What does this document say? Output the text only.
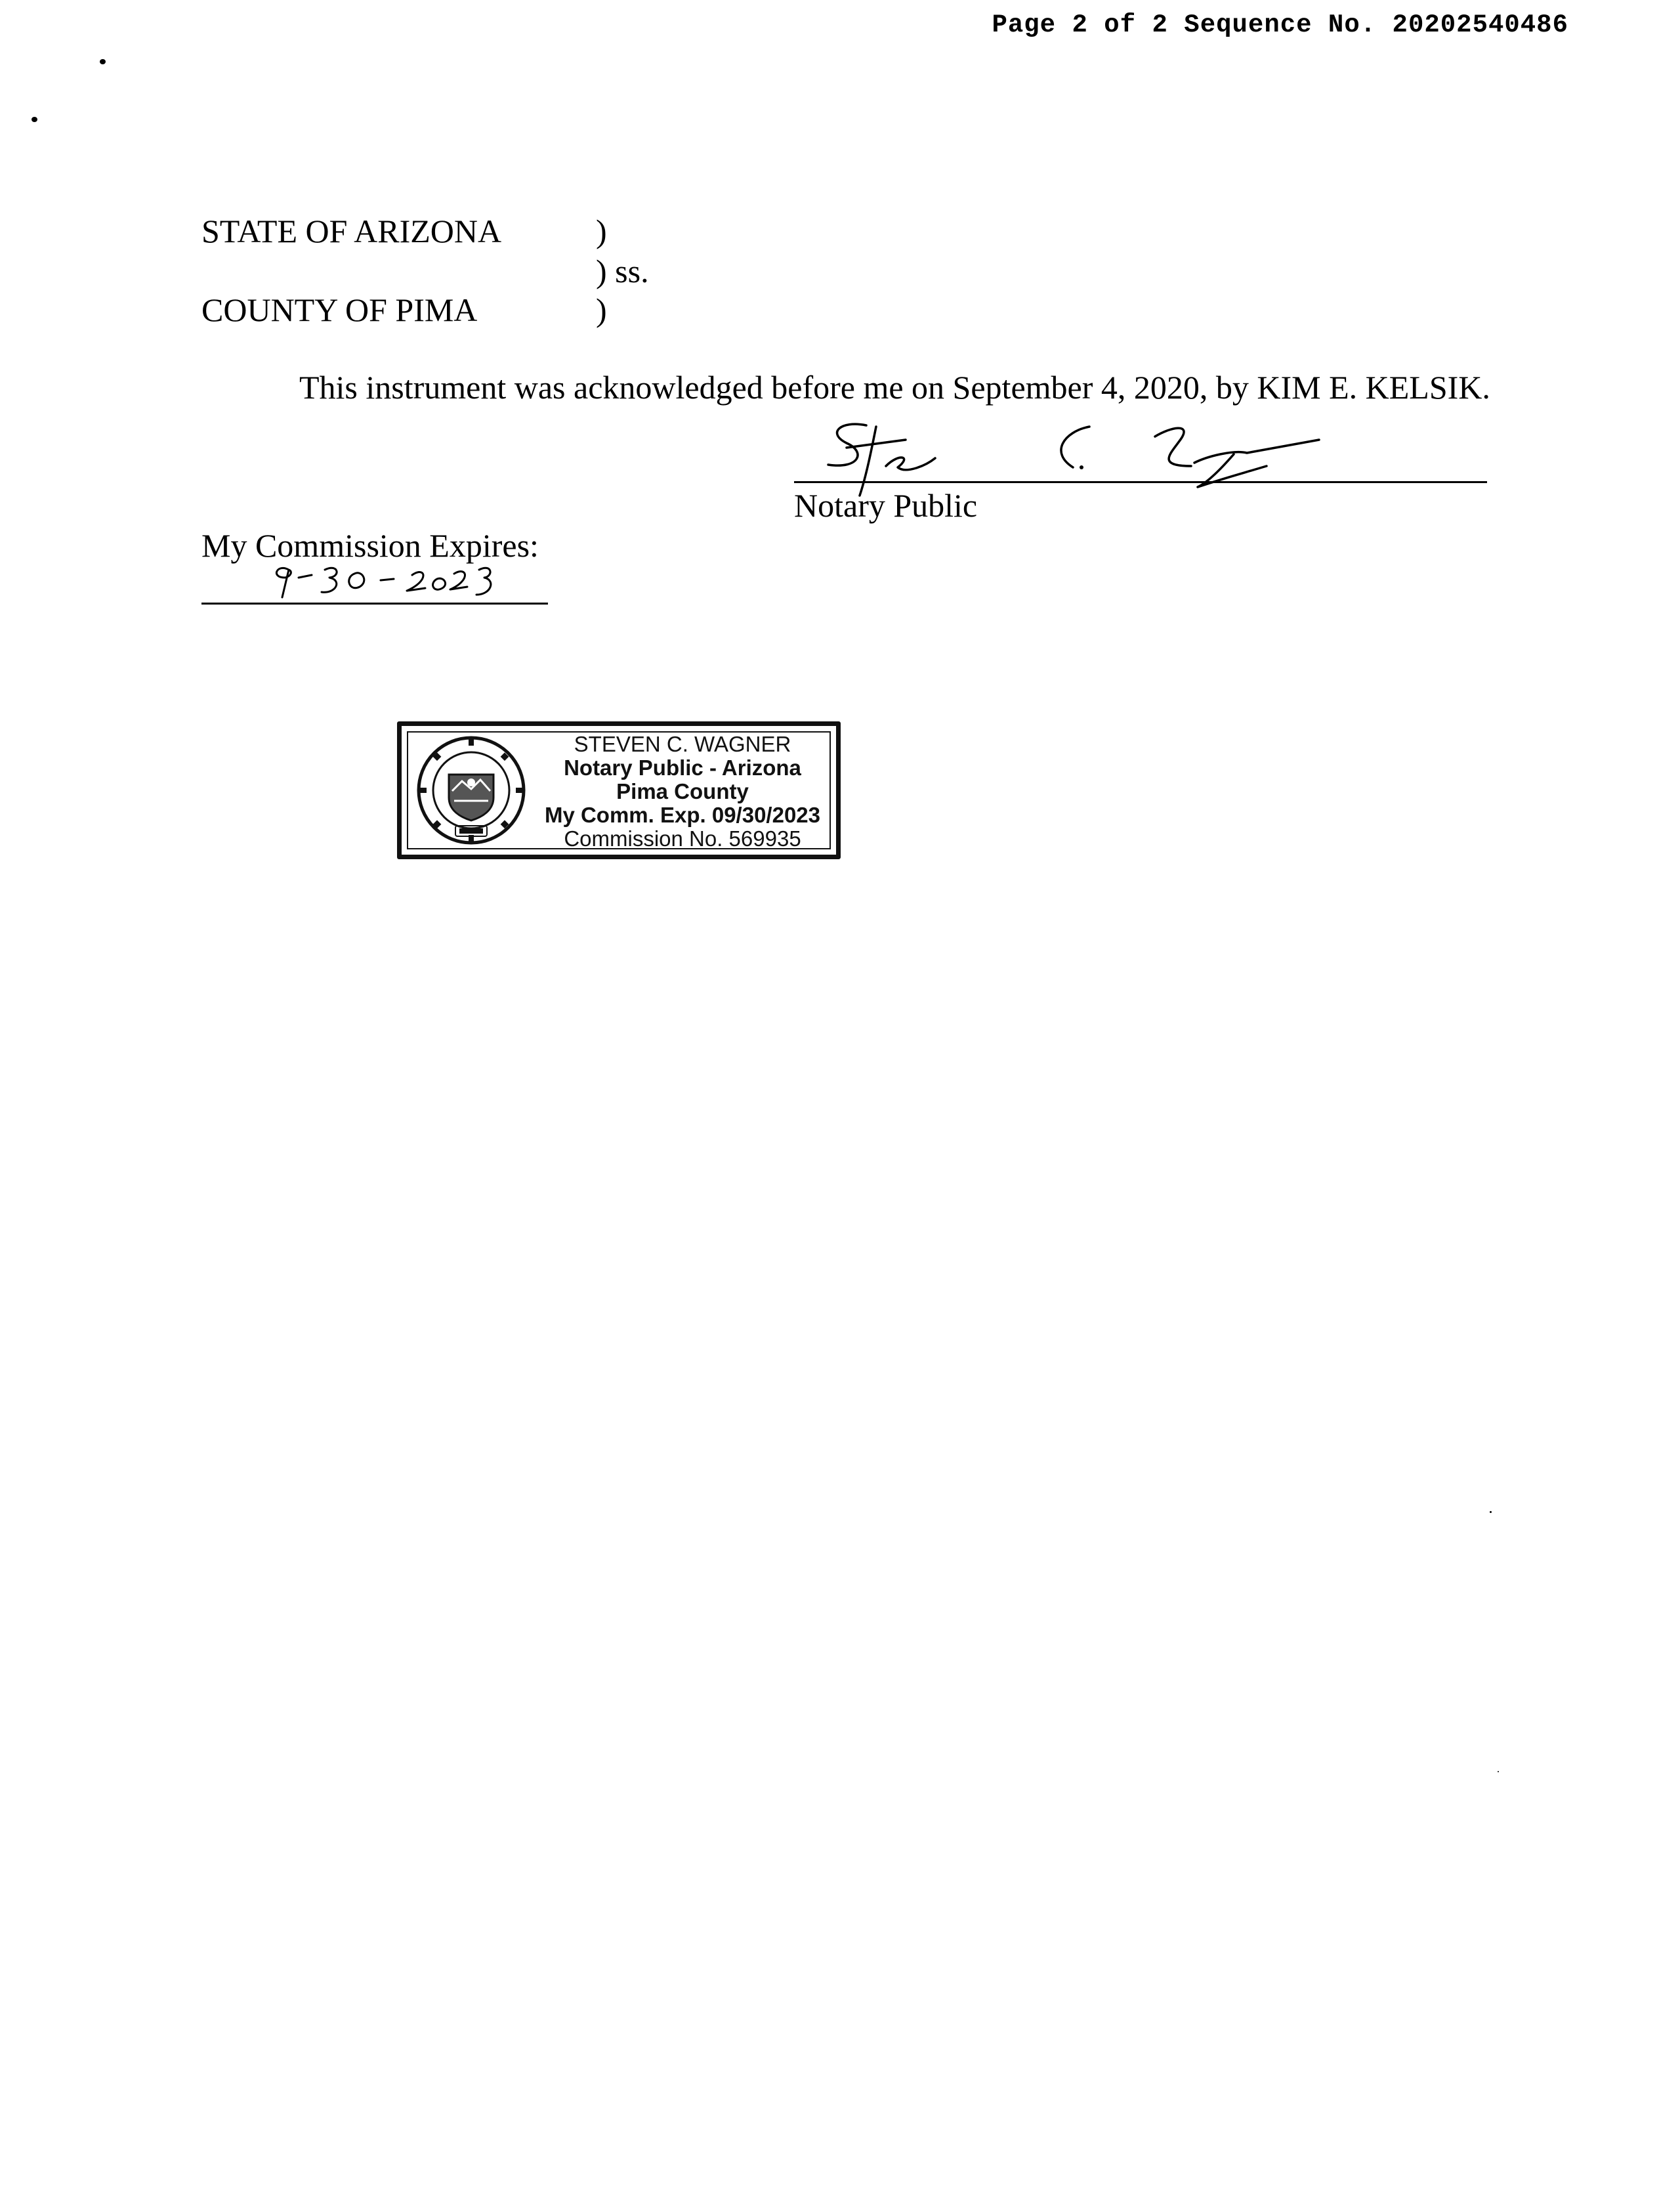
Page 2 of 2 Sequence No. 20202540486
STATE OF ARIZONA	)
) ss.
COUNTY OF PIMA	)
This instrument was acknowledged before me on September 4, 2020, by KIM E. KELSIK.
Notary Public
My Commission Expires:
STEVEN C. WAGNER
Notary Public - Arizona
Pima County
My Comm. Exp. 09/30/2023
Commission No. 569935
